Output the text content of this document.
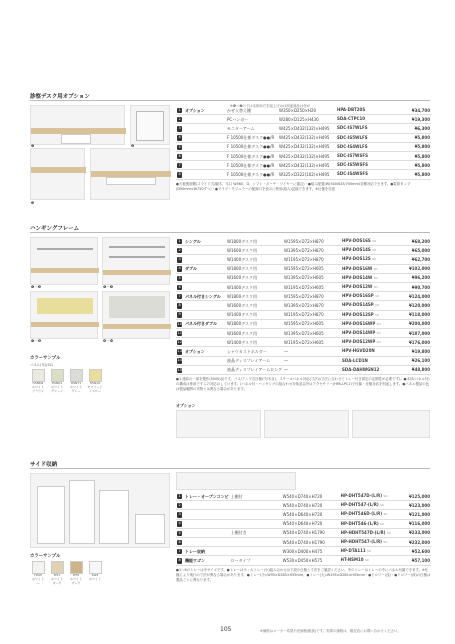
診察デスク用オプション
※❶～❼のでは本体両方を組上げはは別途商品は付が
❶	❷
❸
1	オプション	かぜ入替え棚	W350×D250×H20	HPA-DBT20S	¥34,700
2		PCハンガー	W280×D125×H430	SDA-CTPC10	¥19,300
3		モニターアーム	W425×D432(132)×H495	SDC-IS7WLFS	¥6,300
4		F 10500仕様デスク●●/R	W425×D432(132)×H495	SDC-IS5WLFS	¥5,800
5		F 10500仕様デスク●●/R	W425×D432(132)×H495	SDC-IS4WLFS	¥5,800
6		F 10500仕様デスク●●/R	W425×D432(132)×H495	SDC-IS7WSFS	¥5,800
7		F 10500仕様デスク●●/R	W425×D432(132)×H495	SDC-IS5WSFS	¥5,800
8		F 10500仕様デスク●●/R	W325×D322(102)×H495	SDC-IS4WSFS	¥5,800
●天板裏面側(スライド式/幅木、木口 W560、D、シフト・ポーチ・ワイヤーに適合)・●組み配置(W(500/625/750mm)各種対応できます。●電源タップ(D90mm×W750ずつ)・●プラグ・モジュラーの配線口を表示に使用(組み)記録できます。※仕様を変更
ハンギングフレーム
❶～❸	❹～❺
❼～❽	❾～❿
カラーサンプル
パネル(布)(SC)
HSNM1
ホワイト
ブラウン
HSND1
ホワイト
グリーン
HSN71
ホワイト
グレー
HSN1U
モスリート
イエロー
1	シングル	W1800デスク用	W1595×D72×H870	HPV-DOS16S SD	¥68,200
2		W1600デスク用	W1395×D72×H870	HPV-DOS14S SD	¥65,000
3		W1400デスク用	W1195×D72×H870	HPV-DOS12S SD	¥62,700
4	ダブル	W1800デスク用	W1595×D72×H605	HPV-DOS16W SD	¥102,000
5		W1600デスク用	W1395×D72×H605	HPV-DOS14W SD	¥96,200
6		W1400デスク用	W1195×D72×H605	HPV-DOS12W SD	¥90,700
7	パネル付きシングル	W1800デスク用	W1595×D72×H870	HPV-DOS16SP SD	¥124,000
8		W1600デスク用	W1395×D72×H870	HPV-DOS14SP SD	¥120,000
9		W1400デスク用	W1195×D72×H870	HPV-DOS12SP SD	¥118,000
10	パネル付きダブル	W1800デスク用	W1595×D72×H605	HPV-DOS16WP SD	¥200,000
11		W1600デスク用	W1395×D72×H605	HPV-DOS14WP SD	¥187,000
12		W1400デスク用	W1195×D72×H605	HPV-DOS12WP SD	¥176,000
13	オプション	シャウカストホルダー	―	HPV-HGVD20N	¥19,800
14		液晶ディスプレイアーム	―	SDA-LCD1N	¥26,100
15		液晶ディスプレイアームロング	―	SDA-DAHWGN12	¥48,800
●1 連結の一部を製作(5000)品です。バス/アンプ式仕様(中/木目)、スチールパネル対応(寸法は寸法に合わせてトレー付き固定の定期性が必要です)。●本体(パネル付)の構成は専用ですらの対応はしています。(パネル付・ハンギングの組合わせ対象品以外はアクセサリー(HPA-LPC1)で付属・仕様対応を別途します。●パネル製品の色は製品範囲の実物とは異なる場合があります。
オプション
サイド収納
カラーサンプル
FWW
ホワイト
―
MT1
ホワイト
オーク
MT5
ホワイト
オーク
SW4
ホワイト
1	トレー・オープンコンビ	上棚付	W540×D740×H720	HP-DHT547D-(L/R) SD	¥125,000
2			W540×D740×H720	HP-DHT547-(L/R) SD	¥123,000
3			W540×D640×H720	HP-DHT546D-(L/R) SD	¥121,000
4			W540×D640×H720	HP-DHT546-(L/R) SD	¥116,000
5		上棚付き	W540×D740×H1790	HP-HDHT547D-(L/R) SD	¥233,000
6			W540×D740×H1790	HP-HDHT547-(L/R) SD	¥232,000
7	トレー収納		W300×D400×H475	HP-DTA111 SD	¥52,600
8	機能ワゴン	ロータイプ	W530×D450×H575	HT-NSM10 SD	¥57,100
●1～6のトレーは中サイズです。●トレーは小・大トレー(小)組み合わせは下段の仕様と寸法をご確認ください。中のトレーはトレーの中にパネル付属できます。※仕様により奥行の寸法が異なる場合があります。●トレー(小):W95×D285×H55mm、●トレー(大):W195×D285×H55mm・●ドロワー(浅)・●ドロワー(深)の仕様は製品ごとに異なります。
105	※価格はメーカー希望小売価格(税抜)です。実際の価格は、販売店にお問い合わせください。
